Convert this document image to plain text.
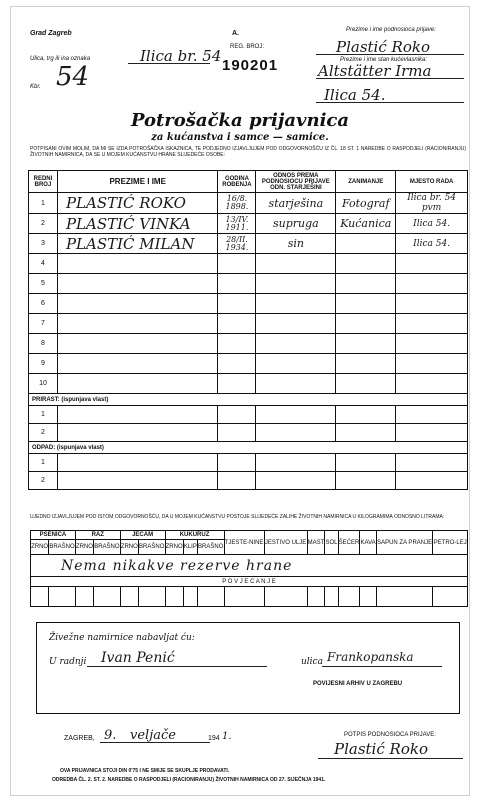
Grad Zagreb
Ulica, trg ili ina oznaka	Ilica br. 54
Kbr. 54
A.
REG. BROJ:
190201
Prezime i ime podnosioca prijave:
Plastić Roko
Prezime i ime stan kućevlasnika:
Altstätter Irma
Ilica 54.
Potrošačka prijavnica
za kućanstva i samce — samice.
POTPISANI OVIM MOLIM, DA MI SE IZDA POTROŠAČKA ISKAZNICA, TE PODJEDNO IZJAVLJUJEM POD ODGOVORNOŠĆU IZ ČL. 18 ST. 1 NAREDBE O RASPODJELI (RACIONIRANJU) ŽIVOTNIH NAMIRNICA, DA SE U MOJEM KUĆANSTVU HRANE SLIJEDEĆE OSOBE:
REDNI BROJ	PREZIME I IME	GODINA ROĐENJA	ODNOS PREMA PODNOSIOCU PRIJAVE ODN. STARJEŠINI	ZANIMANJE	MJESTO RADA
1	PLASTIĆ ROKO	16/8. 1898.	starješina	Fotograf	Ilica br. 54 pvm
2	PLASTIĆ VINKA	13/IV. 1911.	supruga	Kućanica	Ilica 54.
3	PLASTIĆ MILAN	28/II. 1934.	sin		Ilica 54.
4					
5					
6					
7					
8					
9					
10					
PRIRAST: (ispunjava vlast)					
1					
2					
ODPAD: (ispunjava vlast)					
1					
2					
UJEDNO IZJAVLJUJEM POD ISTOM ODGOVORNOŠĆU, DA U MOJEM KUĆANSTVU POSTOJE SLIJEDEĆE ZALIHE ŽIVOTNIH NAMIRNICA U KILOGRAMIMA ODNOSNO LITRAMA:
PŠENICA		RAŽ		JEČAM		KUKURUZ			TJESTE-NINE	JESTIVO ULJE	MAST	SOL	ŠEĆER	KAVA	SAPUN ZA PRANJE	PETRO-LEJ
ZRNO	BRAŠNO	ZRNO	BRAŠNO	ZRNO	BRAŠNO	ZRNO	KLIP	BRAŠNO								
Nema nikakve rezerve hrane																
P O V J E C A N J E																

Živežne namirnice nabavljat ću:
U radnji Ivan Penić	ulica Frankopanska
POVIJESNI ARHIV U ZAGREBU
ZAGREB, 9. veljače	194 1.	POTPIS PODNOSIOCA PRIJAVE:
Plastić Roko
OVA PRIJAVNICA STOJI DIN 0'75 I NE SMIJE SE SKUPLJE PRODAVATI.
ODREDBA ČL. 2. ST. 2. NAREDBE O RASPODJELI (RACIONIRANJU) ŽIVOTNIH NAMIRNICA OD 27. SIJEČNJA 1941.
